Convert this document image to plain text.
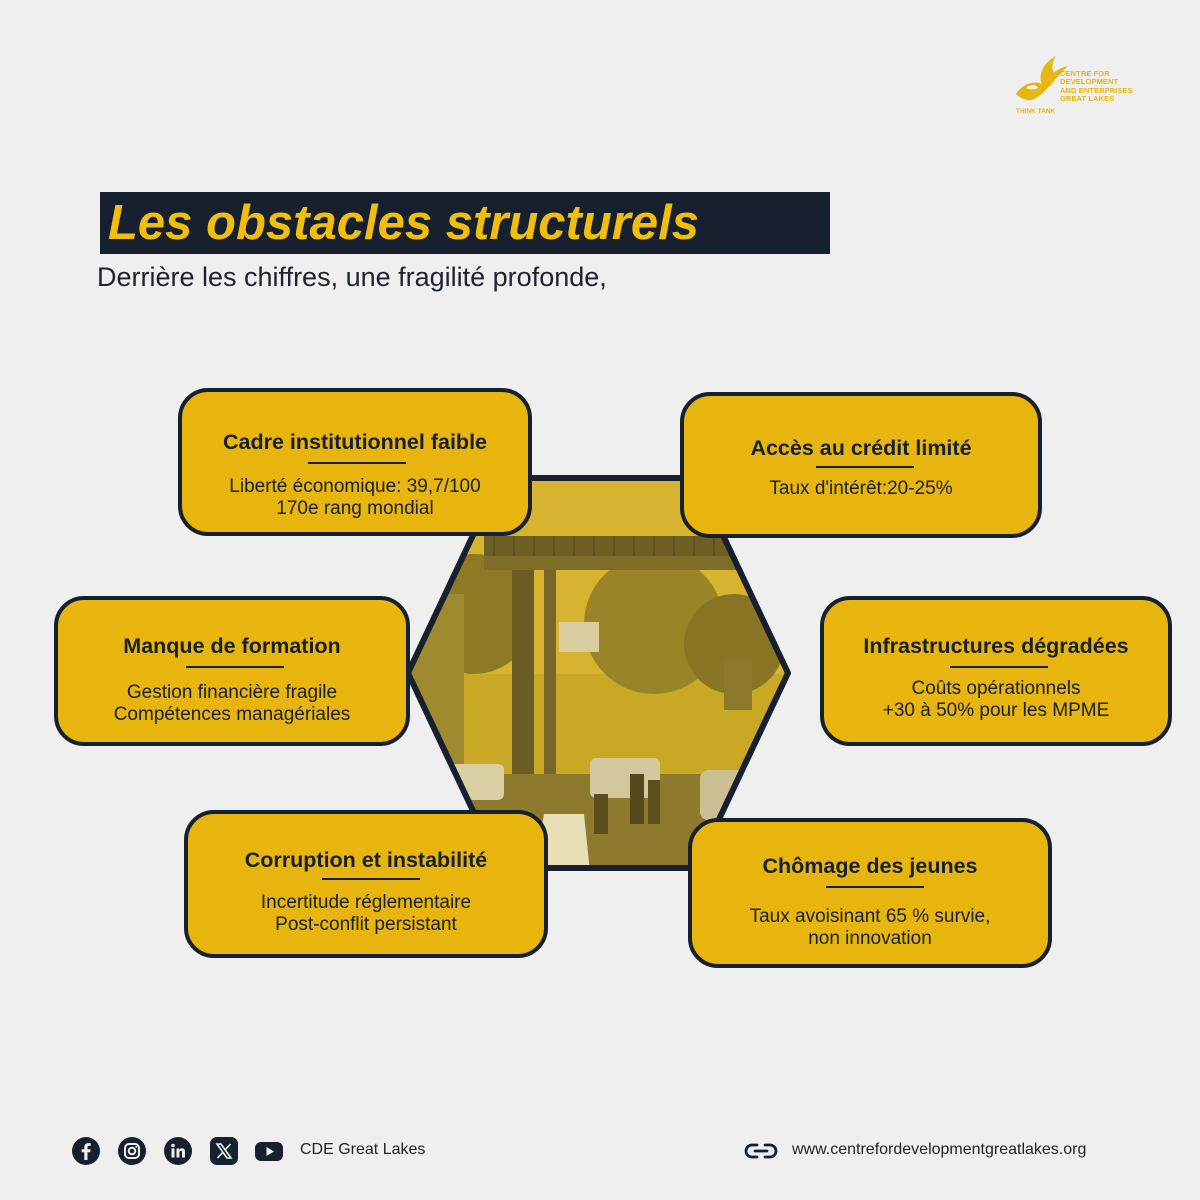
CENTRE FOR
DEVELOPMENT
AND ENTERPRISES
GREAT LAKES
THINK TANK
Les obstacles structurels
Derrière les chiffres, une fragilité profonde,
Cadre institutionnel faible
Liberté économique: 39,7/100
170e rang mondial
Accès au crédit limité
Taux d'intérêt:20-25%
Manque de formation
Gestion financière fragile
Compétences managériales
Infrastructures dégradées
Coûts opérationnels
+30 à 50% pour les MPME
Corruption et instabilité
Incertitude réglementaire
Post-conflit persistant
Chômage des jeunes
Taux avoisinant 65 % survie,
non innovation
CDE Great Lakes	www.centrefordevelopmentgreatlakes.org
